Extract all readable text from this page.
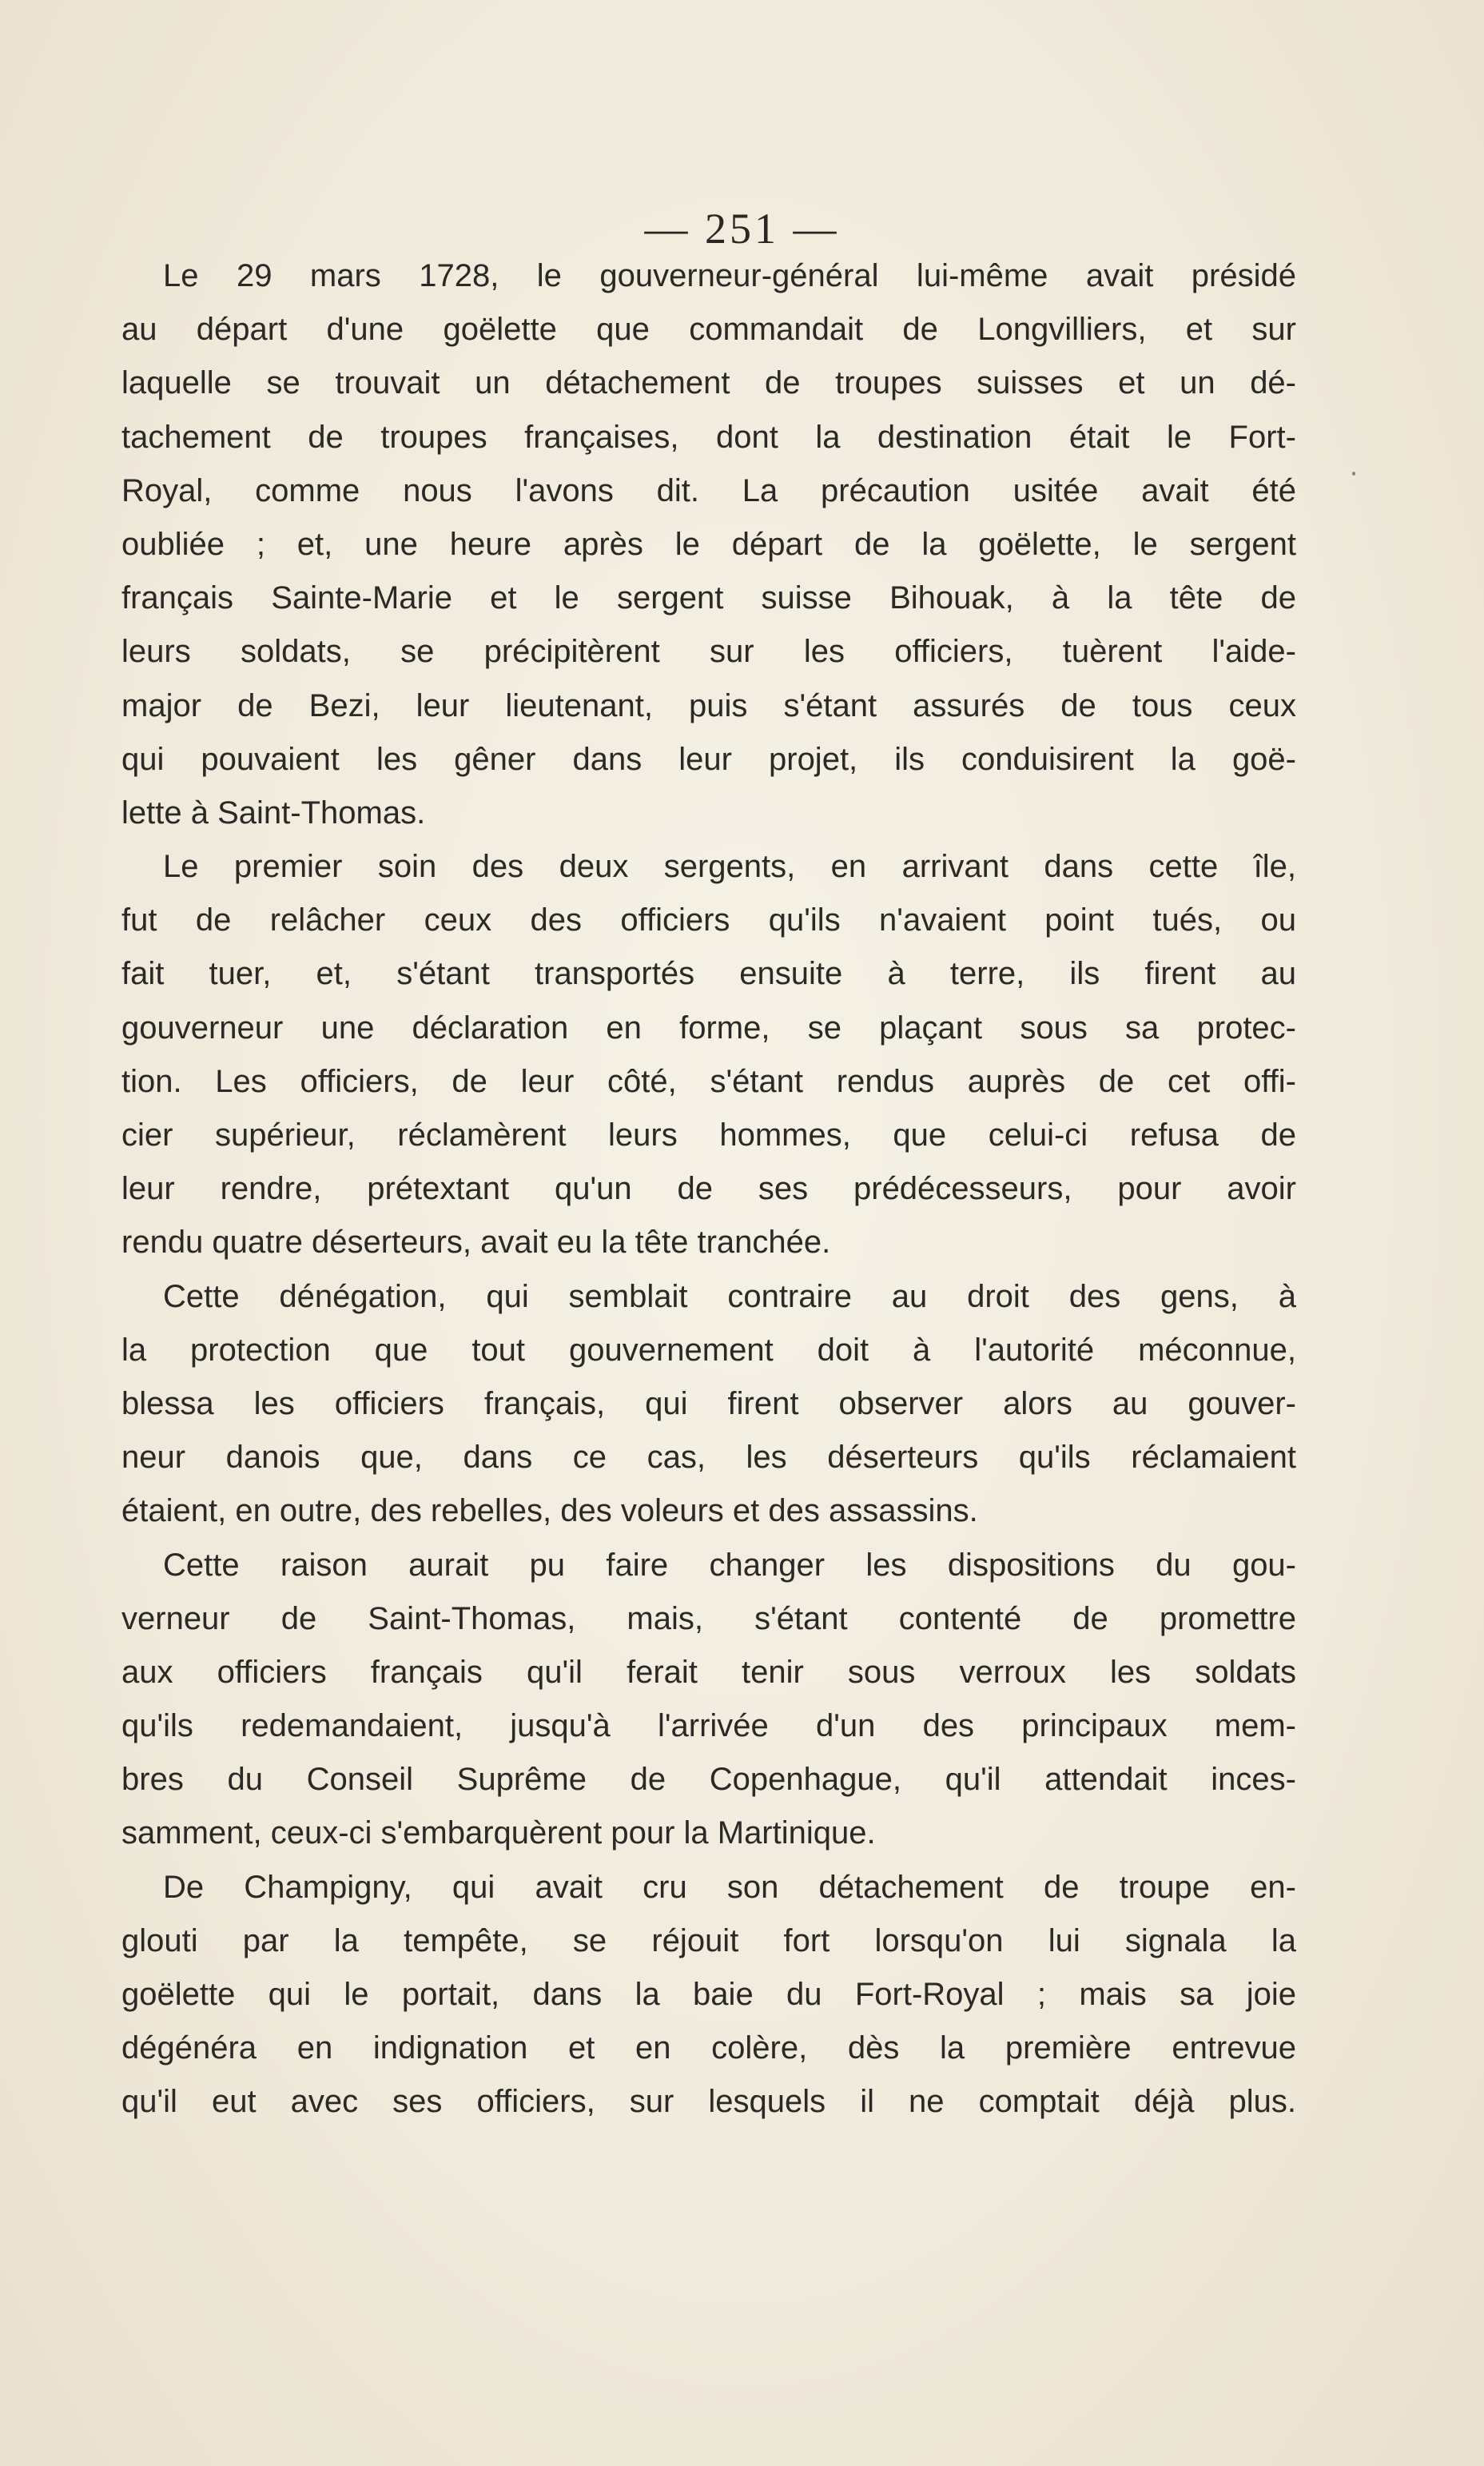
— 251 —
Le 29 mars 1728, le gouverneur-général lui-même avait présidé
au départ d'une goëlette que commandait de Longvilliers, et sur
laquelle se trouvait un détachement de troupes suisses et un dé-
tachement de troupes françaises, dont la destination était le Fort-
Royal, comme nous l'avons dit. La précaution usitée avait été
oubliée ; et, une heure après le départ de la goëlette, le sergent
français Sainte-Marie et le sergent suisse Bihouak, à la tête de
leurs soldats, se précipitèrent sur les officiers, tuèrent l'aide-
major de Bezi, leur lieutenant, puis s'étant assurés de tous ceux
qui pouvaient les gêner dans leur projet, ils conduisirent la goë-
lette à Saint-Thomas.
Le premier soin des deux sergents, en arrivant dans cette île,
fut de relâcher ceux des officiers qu'ils n'avaient point tués, ou
fait tuer, et, s'étant transportés ensuite à terre, ils firent au
gouverneur une déclaration en forme, se plaçant sous sa protec-
tion. Les officiers, de leur côté, s'étant rendus auprès de cet offi-
cier supérieur, réclamèrent leurs hommes, que celui-ci refusa de
leur rendre, prétextant qu'un de ses prédécesseurs, pour avoir
rendu quatre déserteurs, avait eu la tête tranchée.
Cette dénégation, qui semblait contraire au droit des gens, à
la protection que tout gouvernement doit à l'autorité méconnue,
blessa les officiers français, qui firent observer alors au gouver-
neur danois que, dans ce cas, les déserteurs qu'ils réclamaient
étaient, en outre, des rebelles, des voleurs et des assassins.
Cette raison aurait pu faire changer les dispositions du gou-
verneur de Saint-Thomas, mais, s'étant contenté de promettre
aux officiers français qu'il ferait tenir sous verroux les soldats
qu'ils redemandaient, jusqu'à l'arrivée d'un des principaux mem-
bres du Conseil Suprême de Copenhague, qu'il attendait inces-
samment, ceux-ci s'embarquèrent pour la Martinique.
De Champigny, qui avait cru son détachement de troupe en-
glouti par la tempête, se réjouit fort lorsqu'on lui signala la
goëlette qui le portait, dans la baie du Fort-Royal ; mais sa joie
dégénéra en indignation et en colère, dès la première entrevue
qu'il eut avec ses officiers, sur lesquels il ne comptait déjà plus.
